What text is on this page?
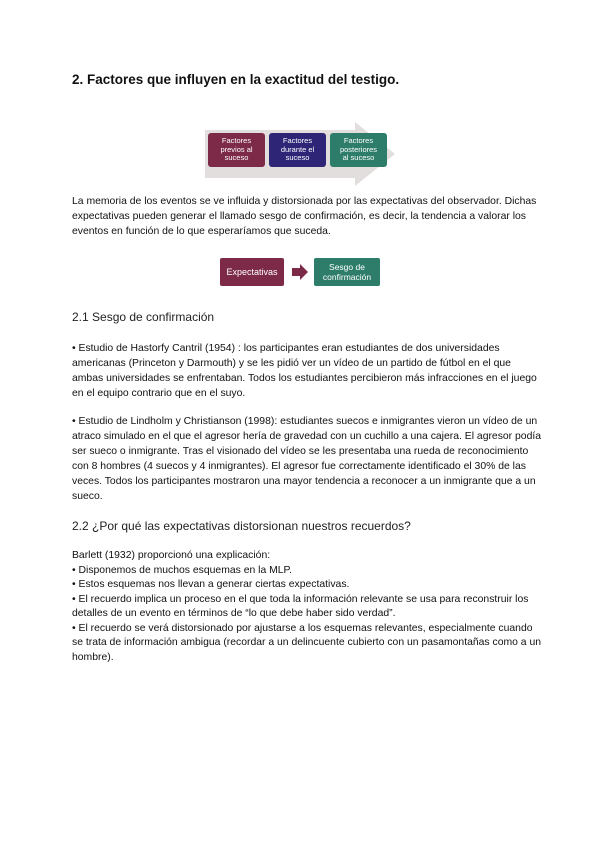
2. Factores que influyen en la exactitud del testigo.
Factores
previos al
suceso
Factores
durante el
suceso
Factores
posteriores
al suceso

La memoria de los eventos se ve influida y distorsionada por las expectativas del observador. Dichas expectativas pueden generar el llamado sesgo de confirmación, es decir, la tendencia a valorar los eventos en función de lo que esperaríamos que suceda.

Expectativas	Sesgo de
confirmación
2.1 Sesgo de confirmación

• Estudio de Hastorfy Cantril (1954) : los participantes eran estudiantes de dos universidades americanas (Princeton y Darmouth) y se les pidió ver un vídeo de un partido de fútbol en el que ambas universidades se enfrentaban. Todos los estudiantes percibieron más infracciones en el juego en el equipo contrario que en el suyo.

• Estudio de Lindholm y Christianson (1998): estudiantes suecos e inmigrantes vieron un vídeo de un atraco simulado en el que el agresor hería de gravedad con un cuchillo a una cajera. El agresor podía ser sueco o inmigrante. Tras el visionado del vídeo se les presentaba una rueda de reconocimiento con 8 hombres (4 suecos y 4 inmigrantes). El agresor fue correctamente identificado el 30% de las veces. Todos los participantes mostraron una mayor tendencia a reconocer a un inmigrante que a un sueco.

2.2 ¿Por qué las expectativas distorsionan nuestros recuerdos?
Barlett (1932) proporcionó una explicación:
• Disponemos de muchos esquemas en la MLP.
• Estos esquemas nos llevan a generar ciertas expectativas.
• El recuerdo implica un proceso en el que toda la información relevante se usa para reconstruir los detalles de un evento en términos de “lo que debe haber sido verdad”.
• El recuerdo se verá distorsionado por ajustarse a los esquemas relevantes, especialmente cuando se trata de información ambigua (recordar a un delincuente cubierto con un pasamontañas como a un hombre).
